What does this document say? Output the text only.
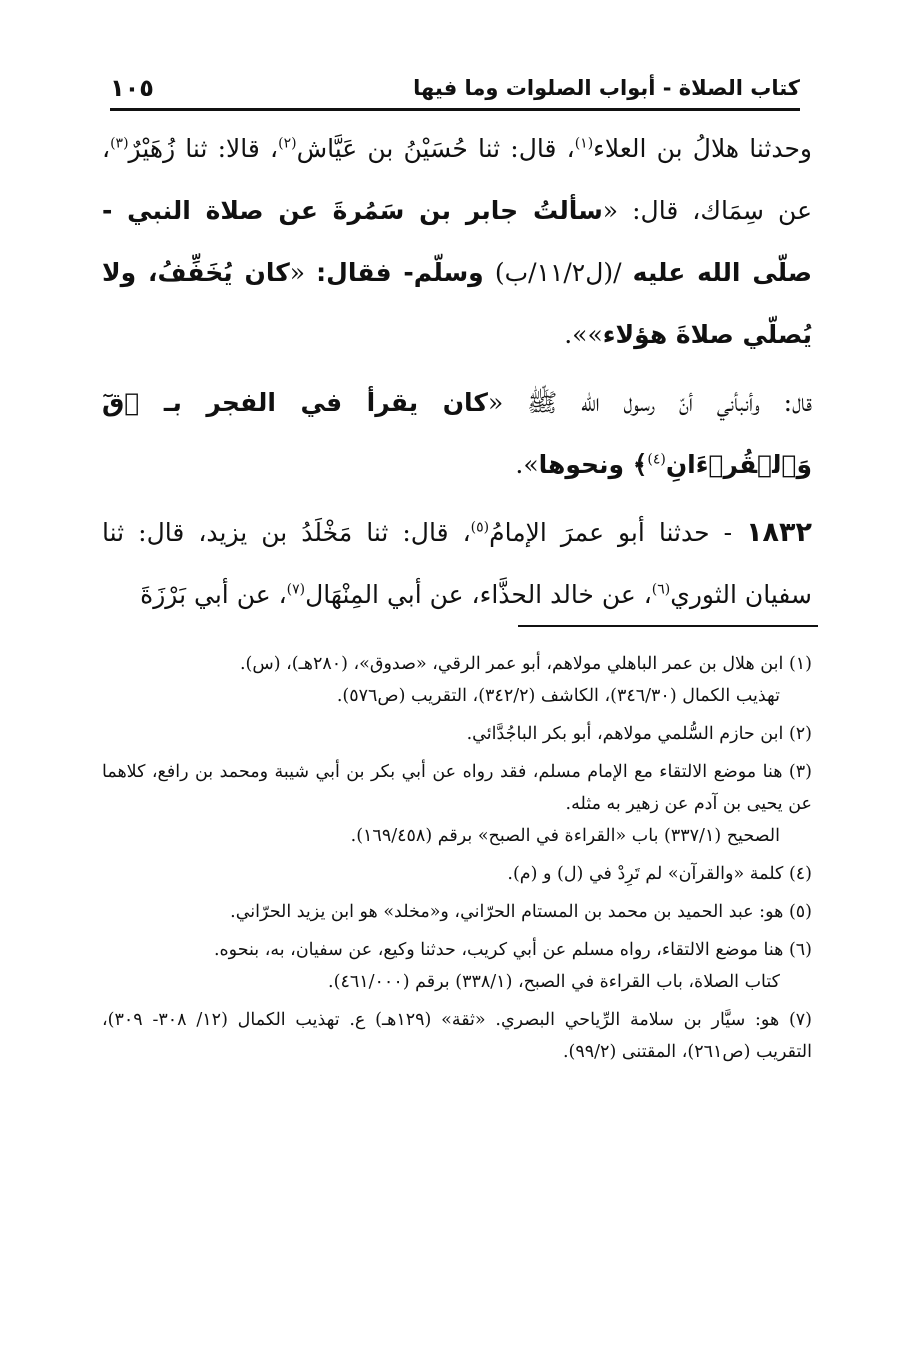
كتاب الصلاة - أبواب الصلوات وما فيها
١٠٥

وحدثنا هلالُ بن العلاء$^{(١)}$، قال: ثنا حُسَيْنُ بن عَيَّاش$^{(٢)}$، قالا: ثنا زُهَيْرٌ$^{(٣)}$، عن سِمَاك، قال: «سألتُ جابر بن سَمُرةَ عن صلاة النبي - صلّى الله عليه /(ل١١/٢/ب) وسلّم- فقال: «كان يُخَفِّفُ، ولا يُصلّي صلاةَ هؤلاء»».

قال: وأنبأني أنّ رسول الله ﷺ «كان يقرأ في الفجر بـ ﴿قٓ وَٱلۡقُرۡءَانِ$^{(٤)}$﴾ ونحوها».

١٨٣٢ - حدثنا أبو عمرَ الإمامُ$^{(٥)}$، قال: ثنا مَخْلَدُ بن يزيد، قال: ثنا سفيان الثوري$^{(٦)}$، عن خالد الحذَّاء، عن أبي المِنْهَال$^{(٧)}$، عن أبي بَرْزَةَ

(١) ابن هلال بن عمر الباهلي مولاهم، أبو عمر الرقي، «صدوق»، (٢٨٠هـ)، (س).
تهذيب الكمال (٣٤٦/٣٠)، الكاشف (٣٤٢/٢)، التقريب (ص٥٧٦).
(٢) ابن حازم السُّلمي مولاهم، أبو بكر الباجُدَّائي.
(٣) هنا موضع الالتقاء مع الإمام مسلم، فقد رواه عن أبي بكر بن أبي شيبة ومحمد بن رافع، كلاهما عن يحيى بن آدم عن زهير به مثله.
الصحيح (٣٣٧/١) باب «القراءة في الصبح» برقم (١٦٩/٤٥٨).
(٤) كلمة «والقرآن» لم تَرِدْ في (ل) و (م).
(٥) هو: عبد الحميد بن محمد بن المستام الحرّاني، و«مخلد» هو ابن يزيد الحرّاني.
(٦) هنا موضع الالتقاء، رواه مسلم عن أبي كريب، حدثنا وكيع، عن سفيان، به، بنحوه.
كتاب الصلاة، باب القراءة في الصبح، (٣٣٨/١) برقم (٤٦١/٠٠٠).
(٧) هو: سيَّار بن سلامة الرِّياحي البصري. «ثقة» (١٢٩هـ) ع. تهذيب الكمال (١٢/ ٣٠٨- ٣٠٩)، التقريب (ص٢٦١)، المقتنى (٩٩/٢).
